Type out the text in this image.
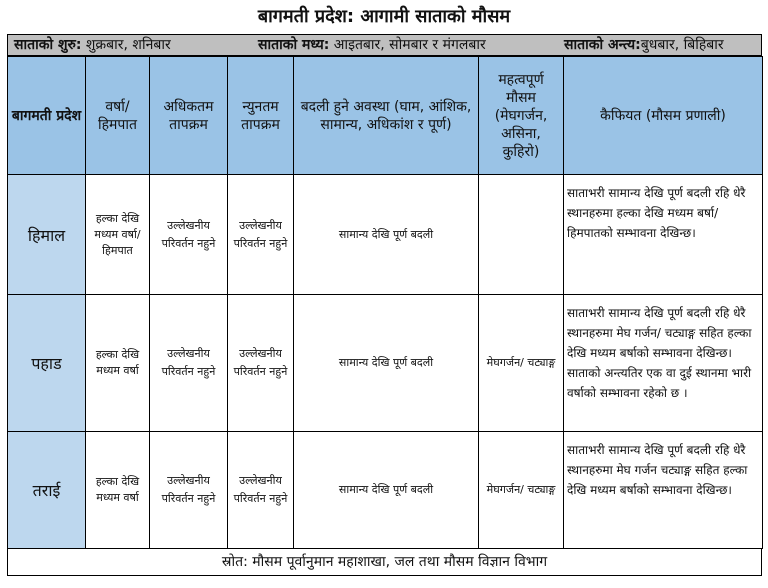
बागमती प्रदेश: आगामी साताको मौसम
साताको शुरु: शुक्रबार, शनिबार	साताको मध्य: आइतबार, सोमबार र मंगलबार	साताको अन्त्य:बुधबार, बिहिबार
बागमती प्रदेश	वर्षा/ हिमपात	अधिकतम तापक्रम	न्युनतम तापक्रम	बदली हुने अवस्था (घाम, आंशिक, सामान्य, अधिकांश र पूर्ण)	महत्वपूर्ण मौसम (मेघगर्जन, असिना, कुहिरो)	कैफियत (मौसम प्रणाली)
हिमाल	हल्का देखि मध्यम वर्षा/ हिमपात	उल्लेखनीय परिवर्तन नहुने	उल्लेखनीय परिवर्तन नहुने	सामान्य देखि पूर्ण बदली		साताभरी सामान्य देखि पूर्ण बदली रहि धेरै स्थानहरुमा हल्का देखि मध्यम बर्षा/हिमपातको सम्भावना देखिन्छ।
पहाड	हल्का देखि मध्यम वर्षा	उल्लेखनीय परिवर्तन नहुने	उल्लेखनीय परिवर्तन नहुने	सामान्य देखि पूर्ण बदली	मेघगर्जन/ चट्याङ्ग	साताभरी सामान्य देखि पूर्ण बदली रहि धेरै स्थानहरुमा मेघ गर्जन/ चट्याङ्ग सहित हल्का देखि मध्यम बर्षाको सम्भावना देखिन्छ।साताको अन्त्यतिर एक वा दुई स्थानमा भारी वर्षाको सम्भावना रहेको छ ।
तराई	हल्का देखि मध्यम वर्षा	उल्लेखनीय परिवर्तन नहुने	उल्लेखनीय परिवर्तन नहुने	सामान्य देखि पूर्ण बदली	मेघगर्जन/ चट्याङ्ग	साताभरी सामान्य देखि पूर्ण बदली रहि धेरै स्थानहरुमा मेघ गर्जन चट्याङ्ग सहित हल्का देखि मध्यम बर्षाको सम्भावना देखिन्छ।
स्रोत: मौसम पूर्वानुमान महाशाखा, जल तथा मौसम विज्ञान विभाग
